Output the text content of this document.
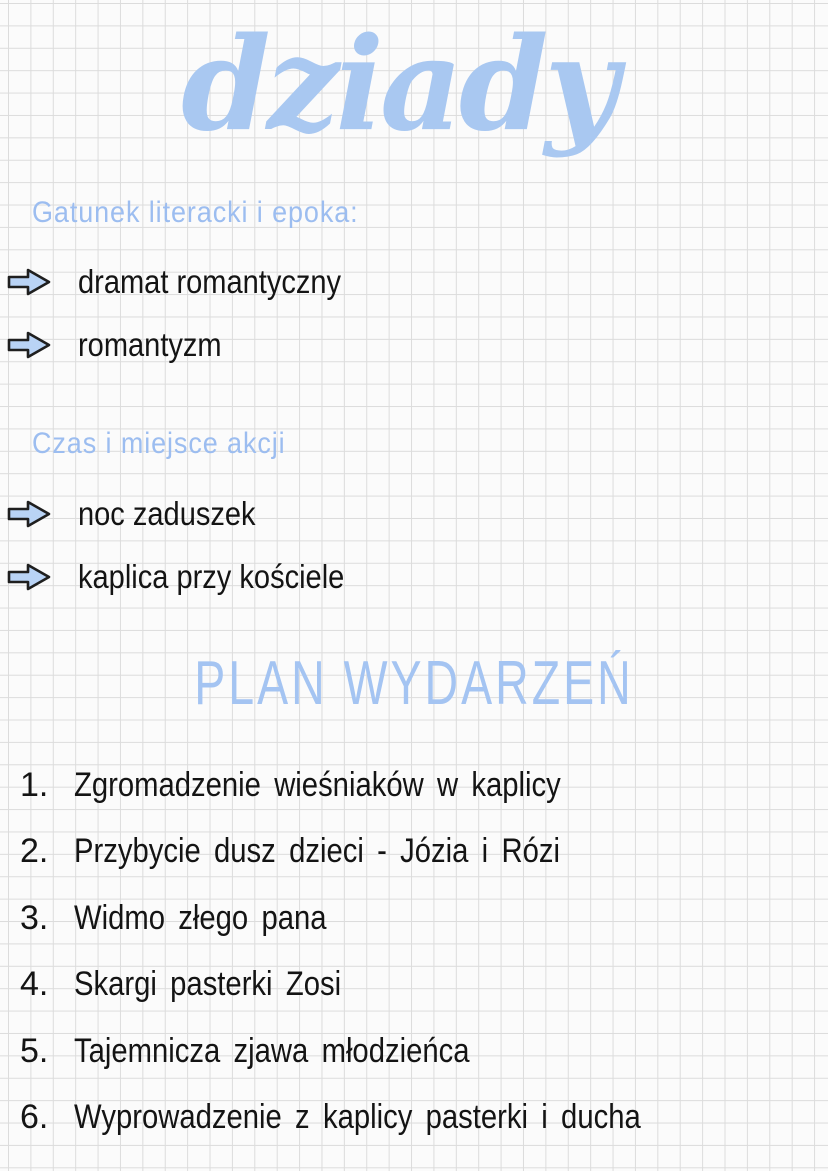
dziady
Gatunek literacki i epoka:
dramat romantyczny
romantyzm
Czas i miejsce akcji
noc zaduszek
kaplica przy kościele
PLAN WYDARZEŃ
1. Zgromadzenie wieśniaków w kaplicy
2. Przybycie dusz dzieci - Józia i Rózi
3. Widmo złego pana
4. Skargi pasterki Zosi
5. Tajemnicza zjawa młodzieńca
6. Wyprowadzenie z kaplicy pasterki i ducha
